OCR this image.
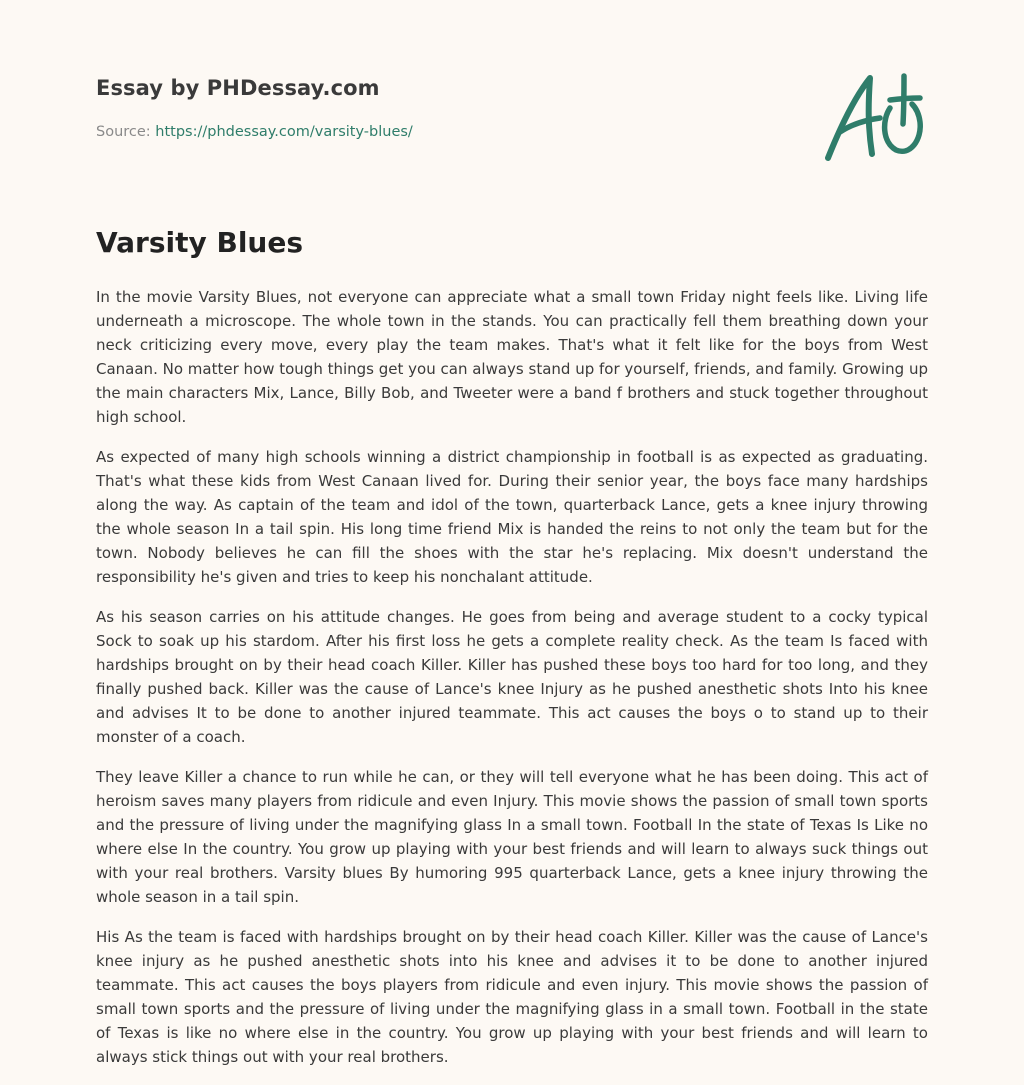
Essay by PHDessay.com
Source: https://phdessay.com/varsity-blues/
Varsity Blues

In the movie Varsity Blues, not everyone can appreciate what a small town Friday night feels like. Living life underneath a microscope. The whole town in the stands. You can practically fell them breathing down your neck criticizing every move, every play the team makes. That's what it felt like for the boys from West Canaan. No matter how tough things get you can always stand up for yourself, friends, and family. Growing up the main characters Mix, Lance, Billy Bob, and Tweeter were a band f brothers and stuck together throughout high school.

As expected of many high schools winning a district championship in football is as expected as graduating. That's what these kids from West Canaan lived for. During their senior year, the boys face many hardships along the way. As captain of the team and idol of the town, quarterback Lance, gets a knee injury throwing the whole season In a tail spin. His long time friend Mix is handed the reins to not only the team but for the town. Nobody believes he can fill the shoes with the star he's replacing. Mix doesn't understand the responsibility he's given and tries to keep his nonchalant attitude.

As his season carries on his attitude changes. He goes from being and average student to a cocky typical Sock to soak up his stardom. After his first loss he gets a complete reality check. As the team Is faced with hardships brought on by their head coach Killer. Killer has pushed these boys too hard for too long, and they finally pushed back. Killer was the cause of Lance's knee Injury as he pushed anesthetic shots Into his knee and advises It to be done to another injured teammate. This act causes the boys o to stand up to their monster of a coach.

They leave Killer a chance to run while he can, or they will tell everyone what he has been doing. This act of heroism saves many players from ridicule and even Injury. This movie shows the passion of small town sports and the pressure of living under the magnifying glass In a small town. Football In the state of Texas Is Like no where else In the country. You grow up playing with your best friends and will learn to always suck things out with your real brothers. Varsity blues By humoring 995 quarterback Lance, gets a knee injury throwing the whole season in a tail spin.

His As the team is faced with hardships brought on by their head coach Killer. Killer was the cause of Lance's knee injury as he pushed anesthetic shots into his knee and advises it to be done to another injured teammate. This act causes the boys players from ridicule and even injury. This movie shows the passion of small town sports and the pressure of living under the magnifying glass in a small town. Football in the state of Texas is like no where else in the country. You grow up playing with your best friends and will learn to always stick things out with your real brothers.
